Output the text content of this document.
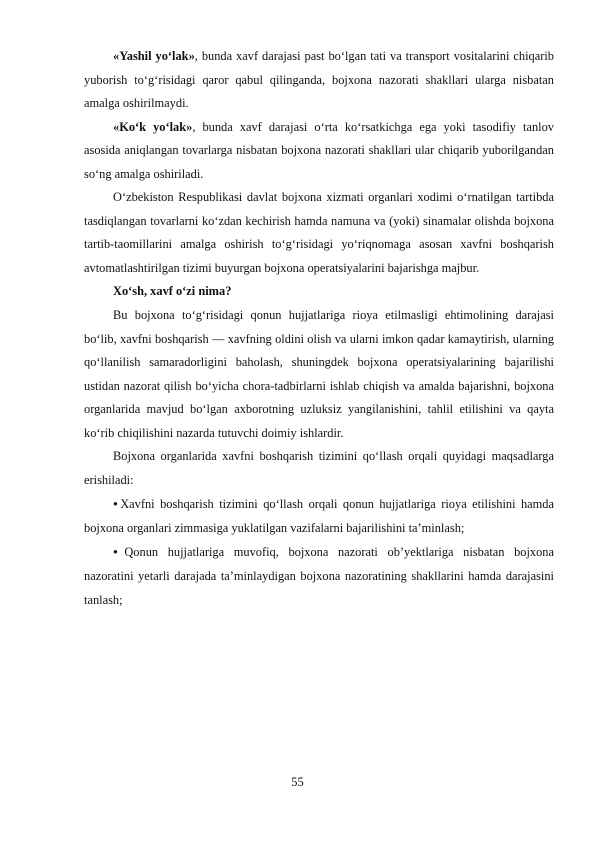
«Yashil yo‘lak», bunda xavf darajasi past bo‘lgan tati va transport vositalarini chiqarib yuborish to‘g‘risidagi qaror qabul qilinganda, bojxona nazorati shakllari ularga nisbatan amalga oshirilmaydi.

«Ko‘k yo‘lak», bunda xavf darajasi o‘rta ko‘rsatkichga ega yoki tasodifiy tanlov asosida aniqlangan tovarlarga nisbatan bojxona nazorati shakllari ular chiqarib yuborilgandan so‘ng amalga oshiriladi.

O‘zbekiston Respublikasi davlat bojxona xizmati organlari xodimi o‘rnatilgan tartibda tasdiqlangan tovarlarni ko‘zdan kechirish hamda namuna va (yoki) sinamalar olishda bojxona tartib-taomillarini amalga oshirish to‘g‘risidagi yo‘riqnomaga asosan xavfni boshqarish avtomatlashtirilgan tizimi buyurgan bojxona operatsiyalarini bajarishga majbur.

Xo‘sh, xavf o‘zi nima?

Bu bojxona to‘g‘risidagi qonun hujjatlariga rioya etilmasligi ehtimolining darajasi bo‘lib, xavfni boshqarish — xavfning oldini olish va ularni imkon qadar kamaytirish, ularning qo‘llanilish samaradorligini baholash, shuningdek bojxona operatsiyalarining bajarilishi ustidan nazorat qilish bo‘yicha chora-tadbirlarni ishlab chiqish va amalda bajarishni, bojxona organlarida mavjud bo‘lgan axborotning uzluksiz yangilanishini, tahlil etilishini va qayta ko‘rib chiqilishini nazarda tutuvchi doimiy ishlardir.

Bojxona organlarida xavfni boshqarish tizimini qo‘llash orqali quyidagi maqsadlarga erishiladi:

●Xavfni boshqarish tizimini qo‘llash orqali qonun hujjatlariga rioya etilishini hamda bojxona organlari zimmasiga yuklatilgan vazifalarni bajarilishini ta’minlash;

●Qonun hujjatlariga muvofiq, bojxona nazorati ob’yektlariga nisbatan bojxona nazoratini yetarli darajada ta’minlaydigan bojxona nazoratining shakllarini hamda darajasini tanlash;

55
